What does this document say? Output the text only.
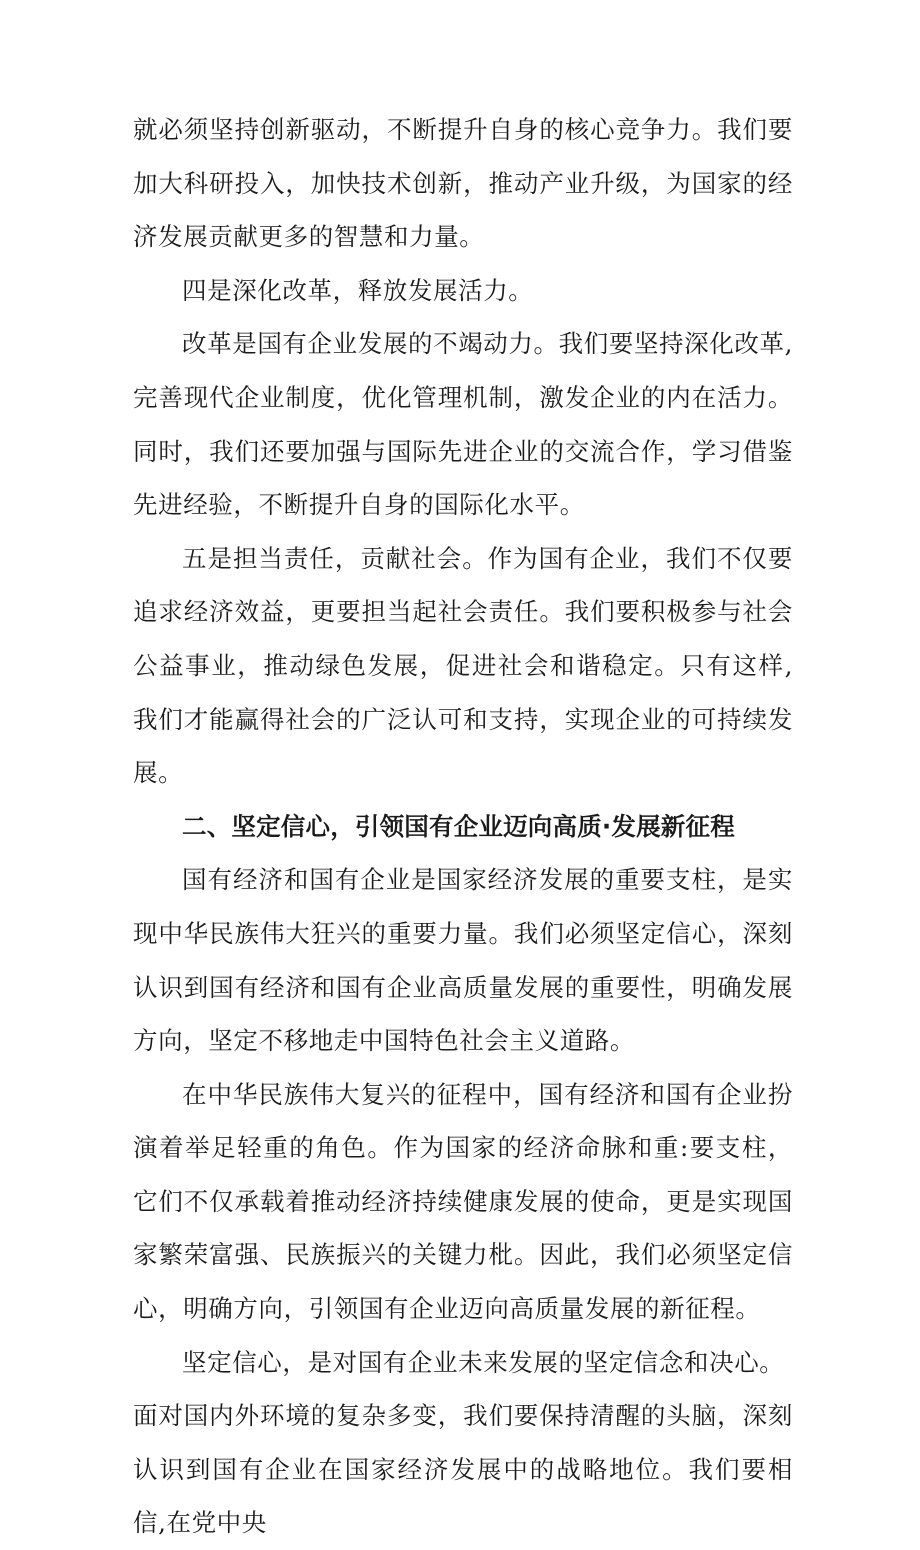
就必须坚持创新驱动，不断提升自身的核心竞争力。我们要加大科研投入，加快技术创新，推动产业升级，为国家的经济发展贡献更多的智慧和力量。

四是深化改革，释放发展活力。

改革是国有企业发展的不竭动力。我们要坚持深化改革,完善现代企业制度，优化管理机制，激发企业的内在活力。同时，我们还要加强与国际先进企业的交流合作，学习借鉴先进经验，不断提升自身的国际化水平。

五是担当责任，贡献社会。作为国有企业，我们不仅要追求经济效益，更要担当起社会责任。我们要积极参与社会公益事业，推动绿色发展，促进社会和谐稳定。只有这样,我们才能赢得社会的广泛认可和支持，实现企业的可持续发展。

二、坚定信心，引领国有企业迈向高质·发展新征程

国有经济和国有企业是国家经济发展的重要支柱，是实现中华民族伟大狂兴的重要力量。我们必须坚定信心，深刻认识到国有经济和国有企业高质量发展的重要性，明确发展方向，坚定不移地走中国特色社会主义道路。

在中华民族伟大复兴的征程中，国有经济和国有企业扮演着举足轻重的角色。作为国家的经济命脉和重:要支柱，它们不仅承载着推动经济持续健康发展的使命，更是实现国家繁荣富强、民族振兴的关键力枇。因此，我们必须坚定信心，明确方向，引领国有企业迈向高质量发展的新征程。

坚定信心，是对国有企业未来发展的坚定信念和决心。

面对国内外环境的复杂多变，我们要保持清醒的头脑，深刻认识到国有企业在国家经济发展中的战略地位。我们要相信,在党中央
